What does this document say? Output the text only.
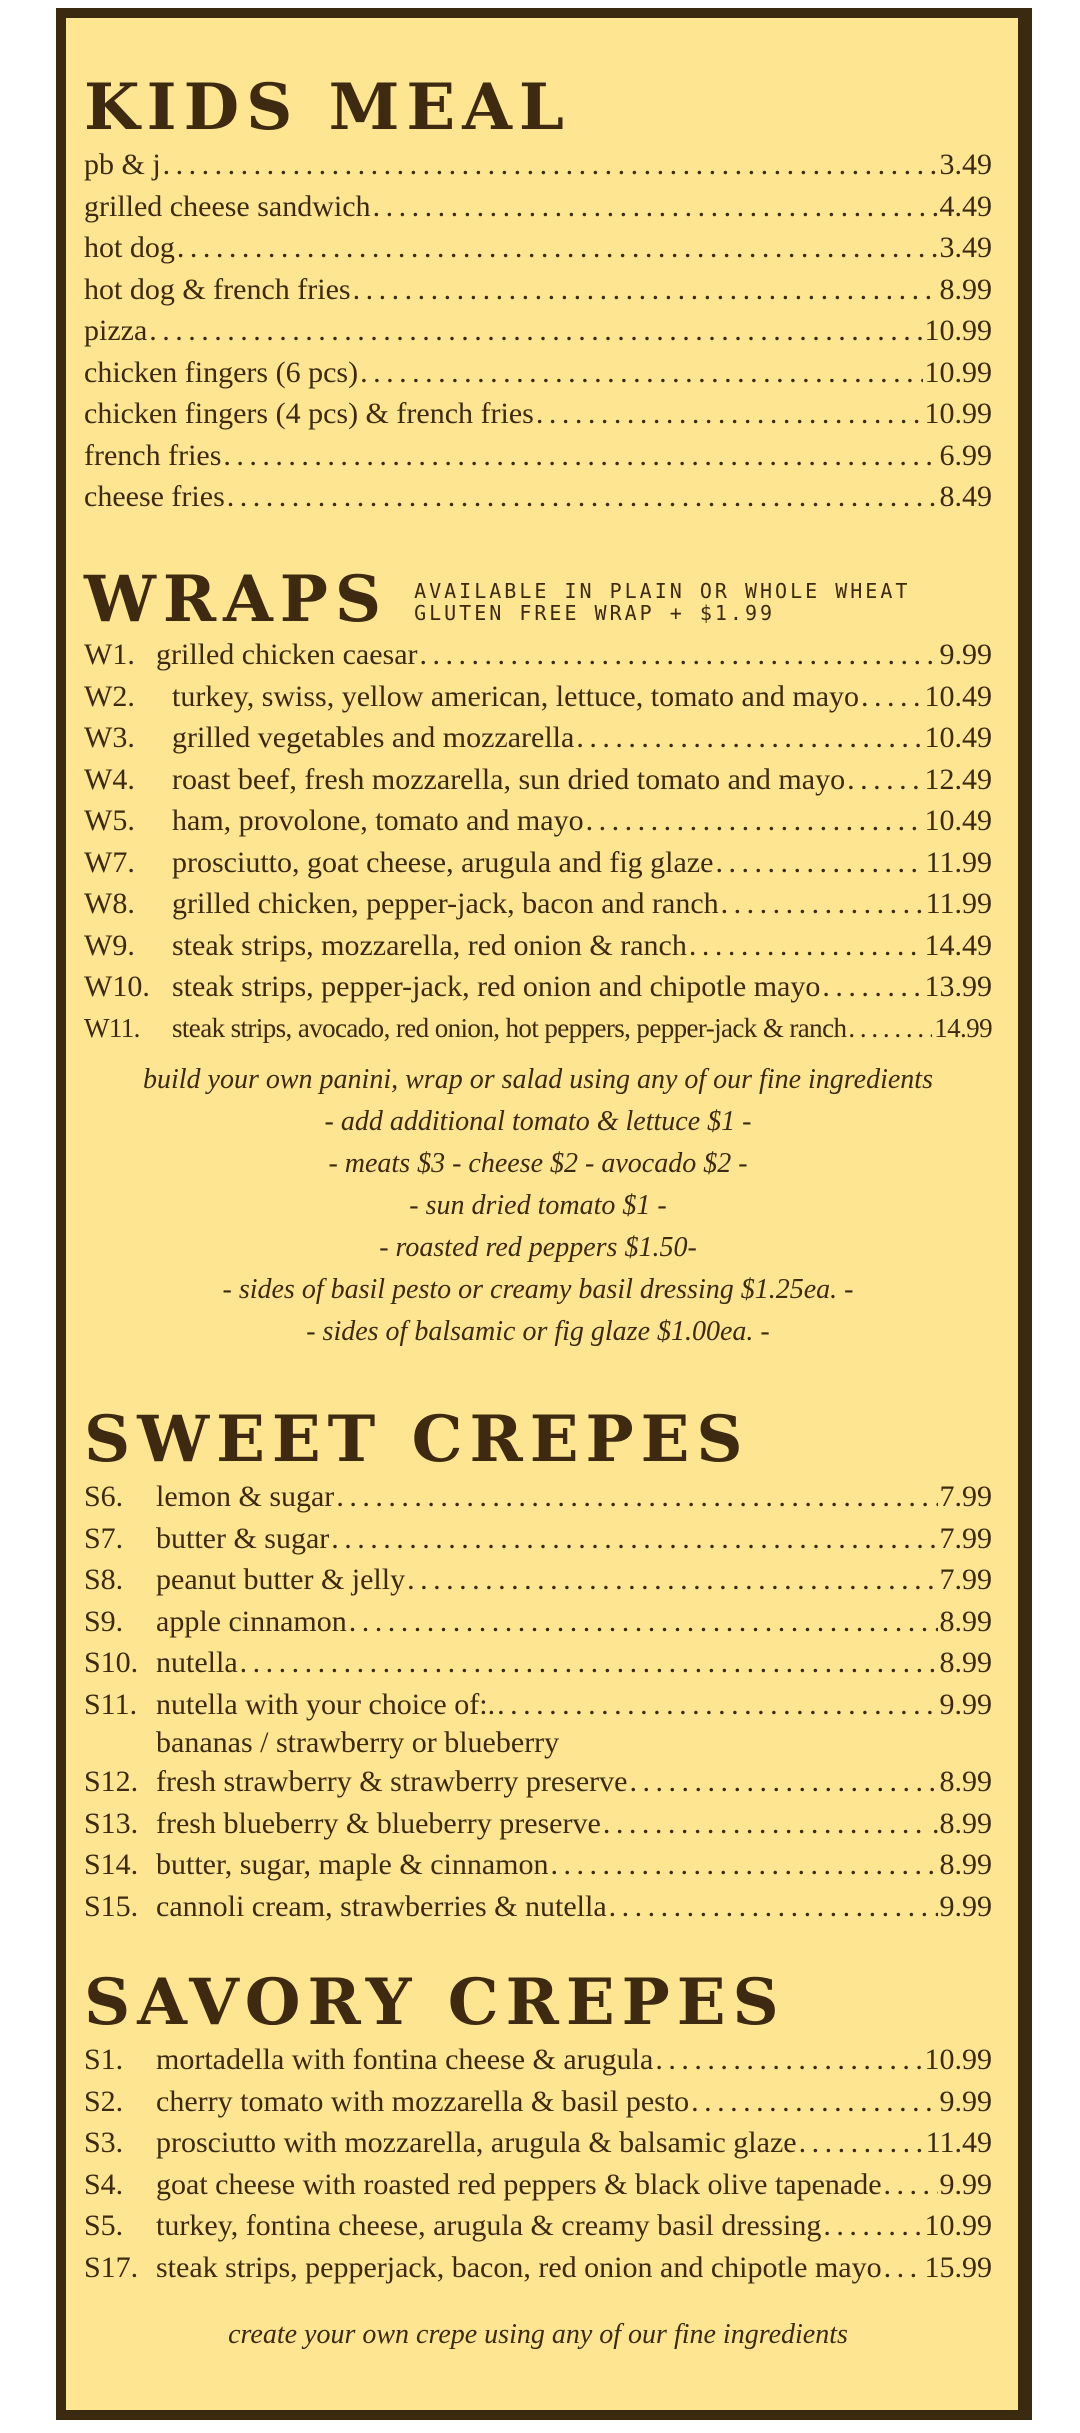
KIDS MEAL
pb & j . . .	3.49
grilled cheese sandwich . . .	4.49
hot dog . . .	3.49
hot dog & french fries . . .	8.99
pizza . . .	10.99
chicken fingers (6 pcs) . . .	10.99
chicken fingers (4 pcs) & french fries . . .	10.99
french fries . . .	6.99
cheese fries . . .	8.49
WRAPS AVAILABLE IN PLAIN OR WHOLE WHEAT
GLUTEN FREE WRAP + $1.99
W1. grilled chicken caesar . . .	9.99
W2.	turkey, swiss, yellow american, lettuce, tomato and mayo . . . 10.49
W3.	grilled vegetables and mozzarella . . .	10.49
W4.	roast beef, fresh mozzarella, sun dried tomato and mayo . . .	12.49
W5.	ham, provolone, tomato and mayo . . .	10.49
W7.	prosciutto, goat cheese, arugula and fig glaze . . .	11.99
W8.	grilled chicken, pepper-jack, bacon and ranch . . .	11.99
W9.	steak strips, mozzarella, red onion & ranch . . .	14.49
W10. steak strips, pepper-jack, red onion and chipotle mayo . . .	13.99
W11.	steak strips, avocado, red onion, hot peppers, pepper-jack & ranch . . .	14.99
build your own panini, wrap or salad using any of our fine ingredients
- add additional tomato & lettuce $1 -
- meats $3 - cheese $2 - avocado $2 -
- sun dried tomato $1 -
- roasted red peppers $1.50-
- sides of basil pesto or creamy basil dressing $1.25ea. -
- sides of balsamic or fig glaze $1.00ea. -
SWEET CREPES
S6.	lemon & sugar . . .	7.99
S7.	butter & sugar . . .	7.99
S8.	peanut butter & jelly . . .	7.99
S9.	apple cinnamon . . .	8.99
S10. nutella . . .	8.99
S11. nutella with your choice of:. . . .	9.99
bananas / strawberry or blueberry
S12. fresh strawberry & strawberry preserve . . .	8.99
S13. fresh blueberry & blueberry preserve . . .	.8.99
S14. butter, sugar, maple & cinnamon . . .	8.99
S15. cannoli cream, strawberries & nutella . . .	9.99
SAVORY CREPES
S1.	mortadella with fontina cheese & arugula . . .	10.99
S2.	cherry tomato with mozzarella & basil pesto . . .	9.99
S3.	prosciutto with mozzarella, arugula & balsamic glaze . . .	11.49
S4.	goat cheese with roasted red peppers & black olive tapenade . . . 9.99
S5.	turkey, fontina cheese, arugula & creamy basil dressing . . .	10.99
S17. steak strips, pepperjack, bacon, red onion and chipotle mayo . . . 15.99
create your own crepe using any of our fine ingredients
